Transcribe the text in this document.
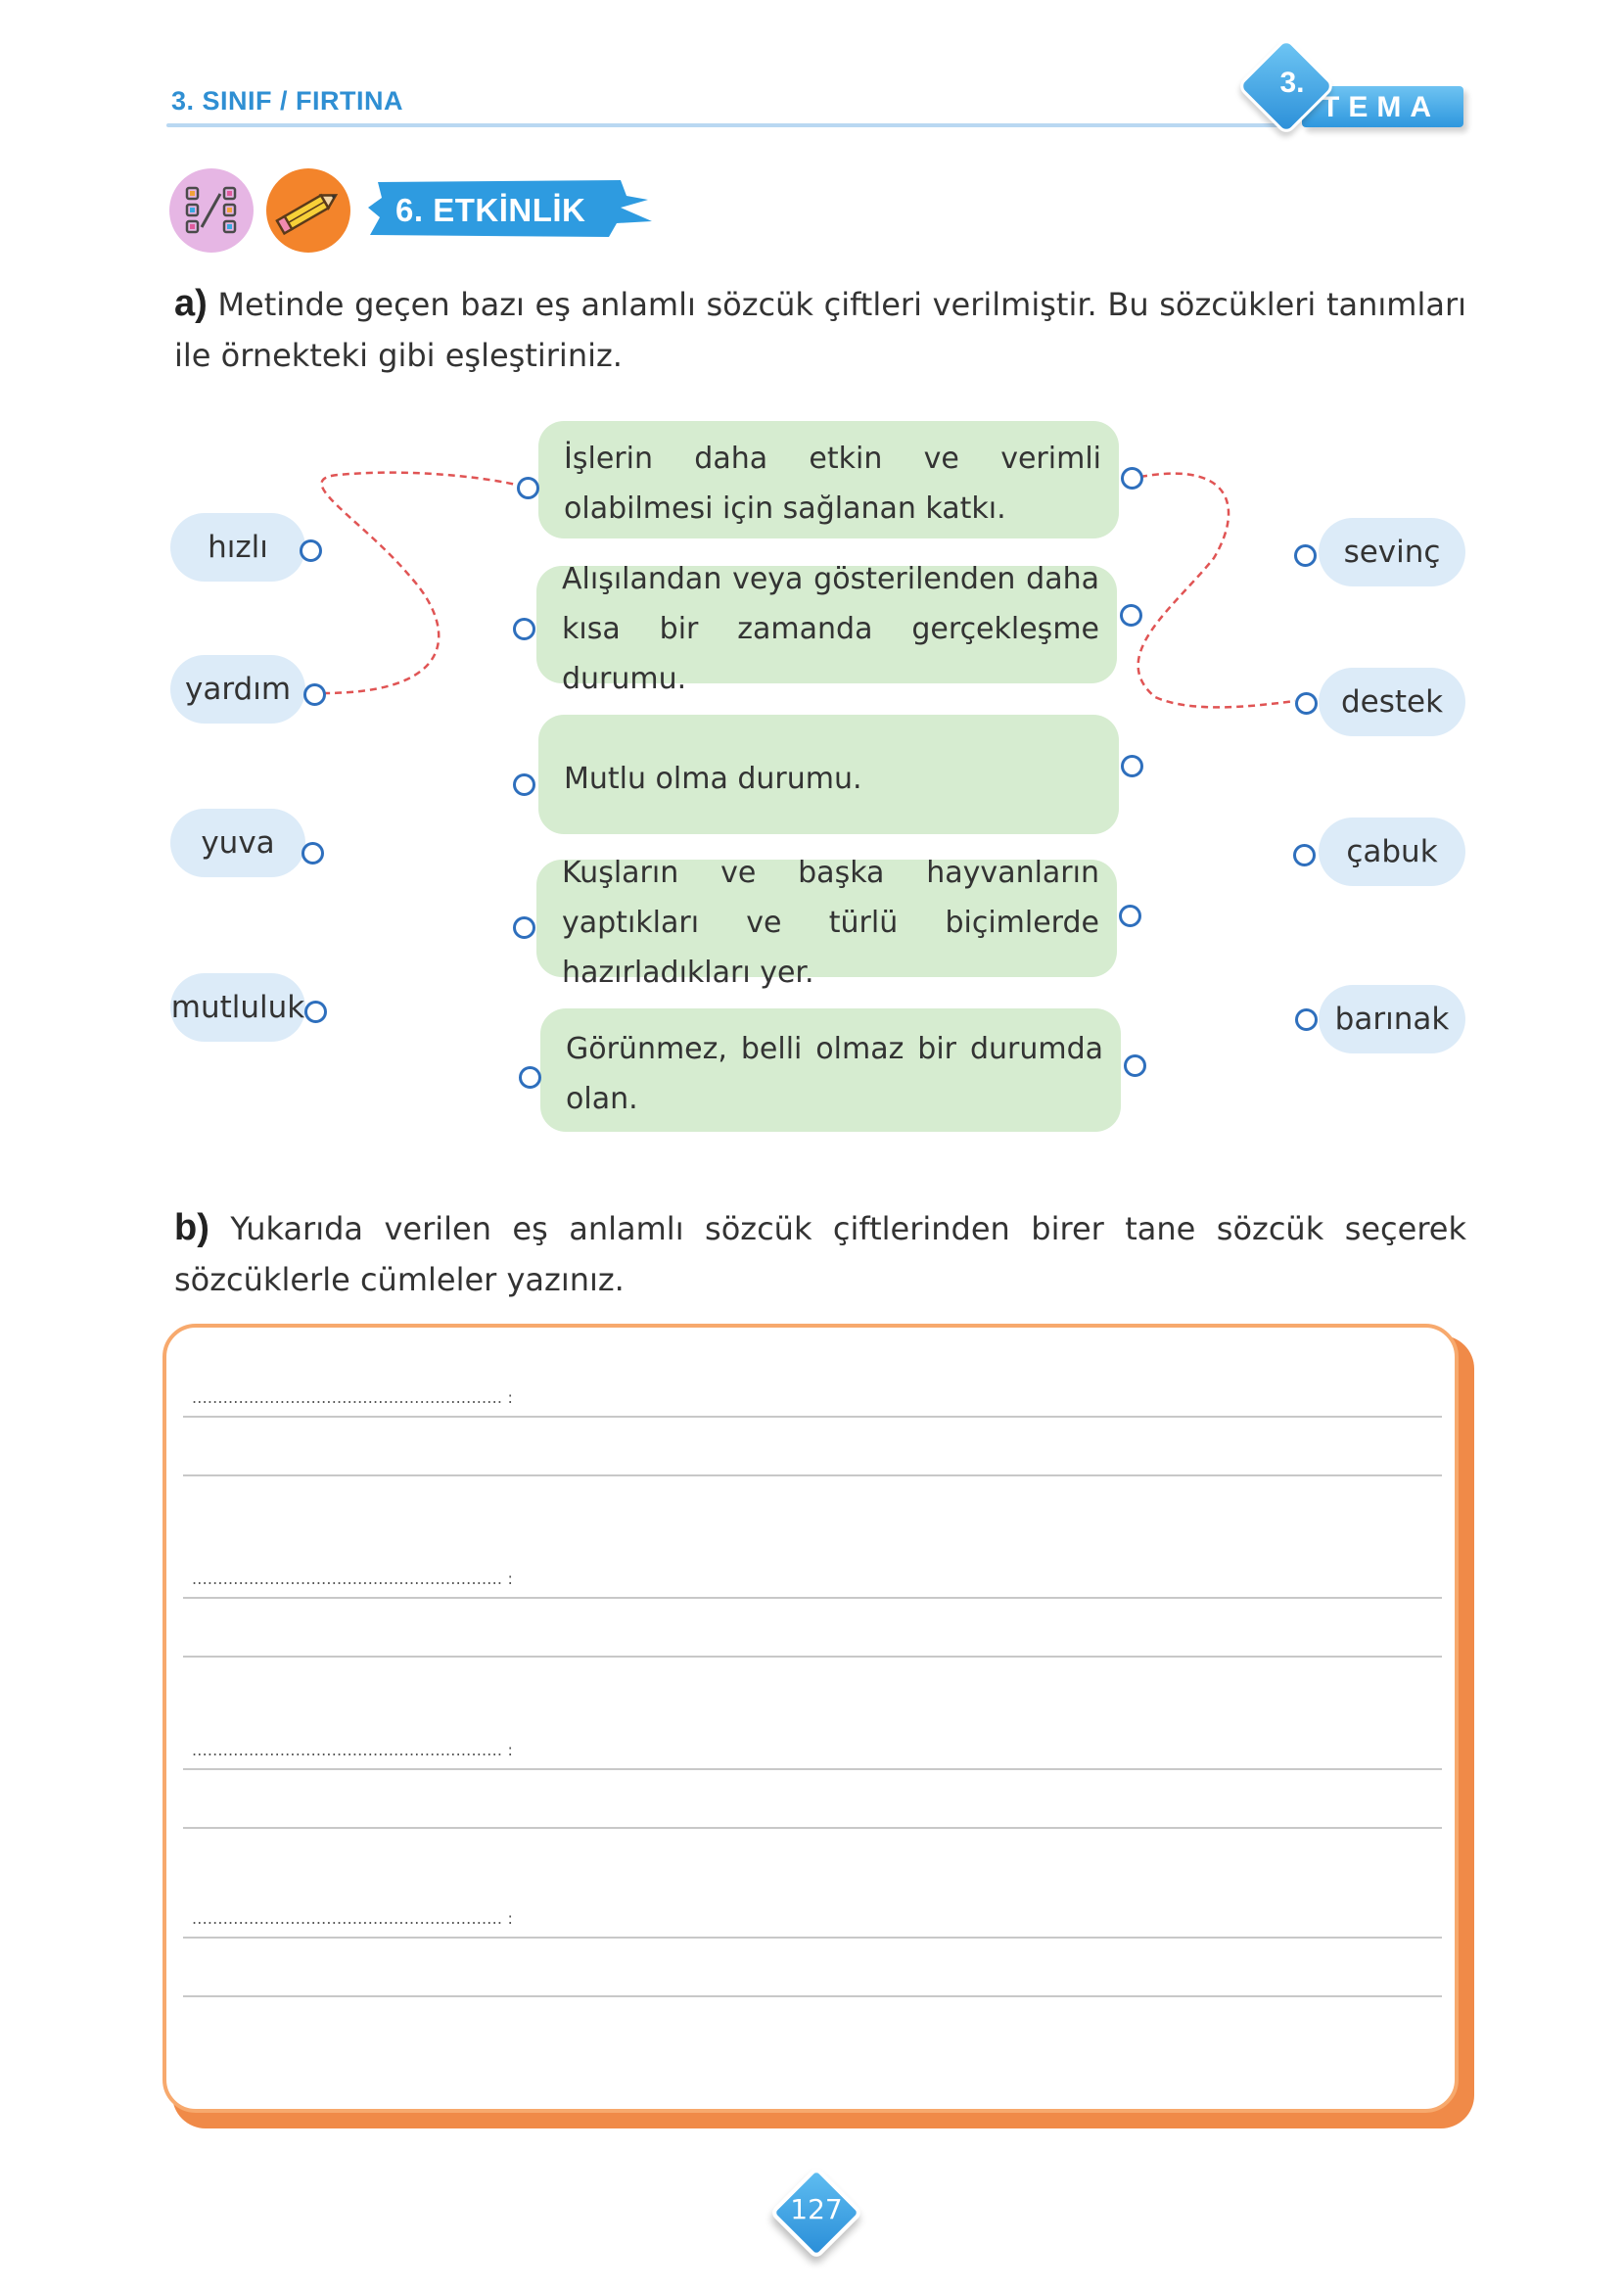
3. SINIF / FIRTINA	TEMA
3.
6. ETKİNLİK
a) Metinde geçen bazı eş anlamlı sözcük çiftleri verilmiştir. Bu sözcükleri tanımları ile örnekteki gibi eşleştiriniz.
hızlı
yardım
yuva
mutluluk
sevinç
destek
çabuk
barınak
İşlerin daha etkin ve verimli olabilmesi için sağlanan katkı.
Alışılandan veya gösterilenden daha kısa bir zamanda gerçekleşme durumu.
Mutlu olma durumu.
Kuşların ve başka hayvanların yaptıkları ve türlü biçimlerde hazırladıkları yer.
Görünmez, belli olmaz bir durumda olan.
b) Yukarıda verilen eş anlamlı sözcük çiftlerinden birer tane sözcük seçerek sözcüklerle cümleler yazınız.
............................................................ :
............................................................ :
............................................................ :
............................................................ :
127
